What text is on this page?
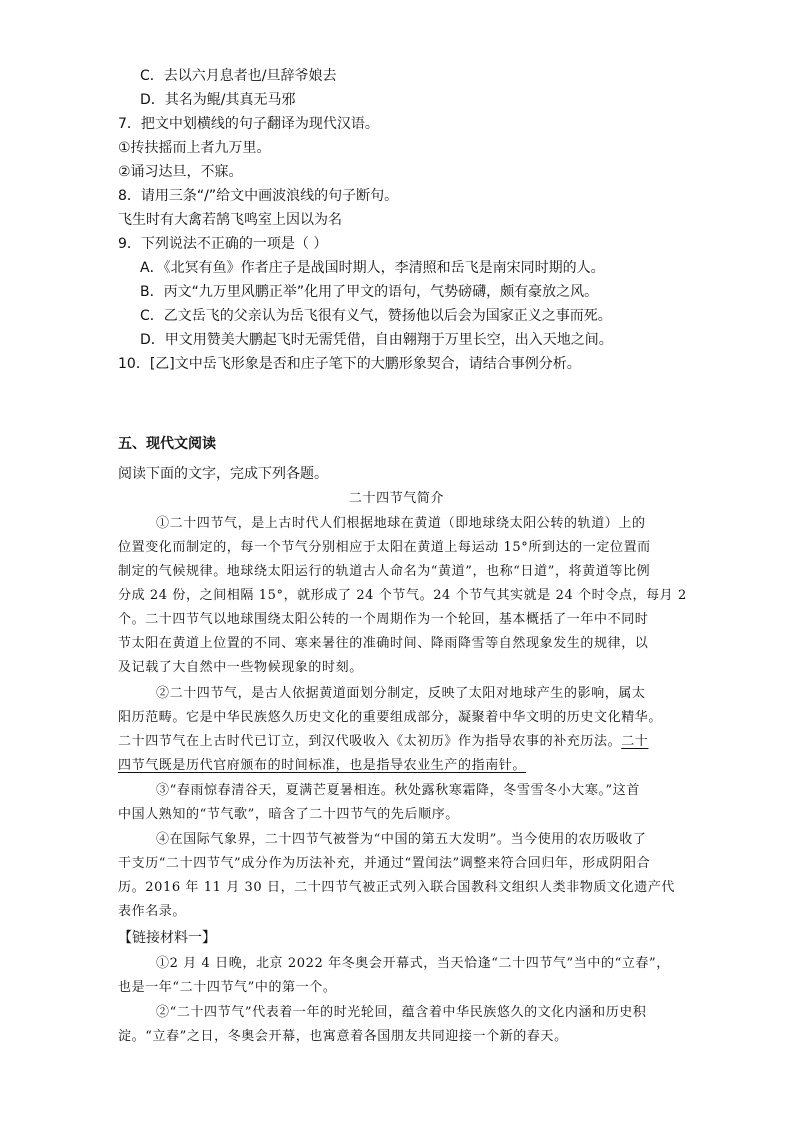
C．去以六月息者也/旦辞爷娘去
D．其名为鲲/其真无马邪
7．把文中划横线的句子翻译为现代汉语。
①抟扶摇而上者九万里。
②诵习达旦，不寐。
8．请用三条“/”给文中画波浪线的句子断句。
飞生时有大禽若鹄飞鸣室上因以为名
9．下列说法不正确的一项是（ ）
A．《北冥有鱼》作者庄子是战国时期人，李清照和岳飞是南宋同时期的人。
B．丙文“九万里风鹏正举”化用了甲文的语句，气势磅礴，颇有豪放之风。
C．乙文岳飞的父亲认为岳飞很有义气，赞扬他以后会为国家正义之事而死。
D．甲文用赞美大鹏起飞时无需凭借，自由翱翔于万里长空，出入天地之间。
10．[乙]文中岳飞形象是否和庄子笔下的大鹏形象契合，请结合事例分析。
五、现代文阅读
阅读下面的文字，完成下列各题。
二十四节气简介
①二十四节气，是上古时代人们根据地球在黄道（即地球绕太阳公转的轨道）上的
位置变化而制定的，每一个节气分别相应于太阳在黄道上每运动 15°所到达的一定位置而
制定的气候规律。地球绕太阳运行的轨道古人命名为“黄道”，也称“日道”，将黄道等比例
分成 24 份，之间相隔 15°，就形成了 24 个节气。24 个节气其实就是 24 个时令点，每月 2
个。二十四节气以地球围绕太阳公转的一个周期作为一个轮回，基本概括了一年中不同时
节太阳在黄道上位置的不同、寒来暑往的准确时间、降雨降雪等自然现象发生的规律，以
及记载了大自然中一些物候现象的时刻。
②二十四节气，是古人依据黄道面划分制定，反映了太阳对地球产生的影响，属太
阳历范畴。它是中华民族悠久历史文化的重要组成部分，凝聚着中华文明的历史文化精华。
二十四节气在上古时代已订立，到汉代吸收入《太初历》作为指导农事的补充历法。二十
四节气既是历代官府颁布的时间标准，也是指导农业生产的指南针。
③“春雨惊春清谷天，夏满芒夏暑相连。秋处露秋寒霜降，冬雪雪冬小大寒。”这首
中国人熟知的“节气歌”，暗含了二十四节气的先后顺序。
④在国际气象界，二十四节气被誉为“中国的第五大发明”。当今使用的农历吸收了
干支历“二十四节气”成分作为历法补充，并通过“置闰法”调整来符合回归年，形成阴阳合
历。2016 年 11 月 30 日，二十四节气被正式列入联合国教科文组织人类非物质文化遗产代
表作名录。
【链接材料一】
①2 月 4 日晚，北京 2022 年冬奥会开幕式，当天恰逢“二十四节气”当中的“立春”，
也是一年“二十四节气”中的第一个。
②“二十四节气”代表着一年的时光轮回，蕴含着中华民族悠久的文化内涵和历史积
淀。“立春”之日，冬奥会开幕，也寓意着各国朋友共同迎接一个新的春天。
